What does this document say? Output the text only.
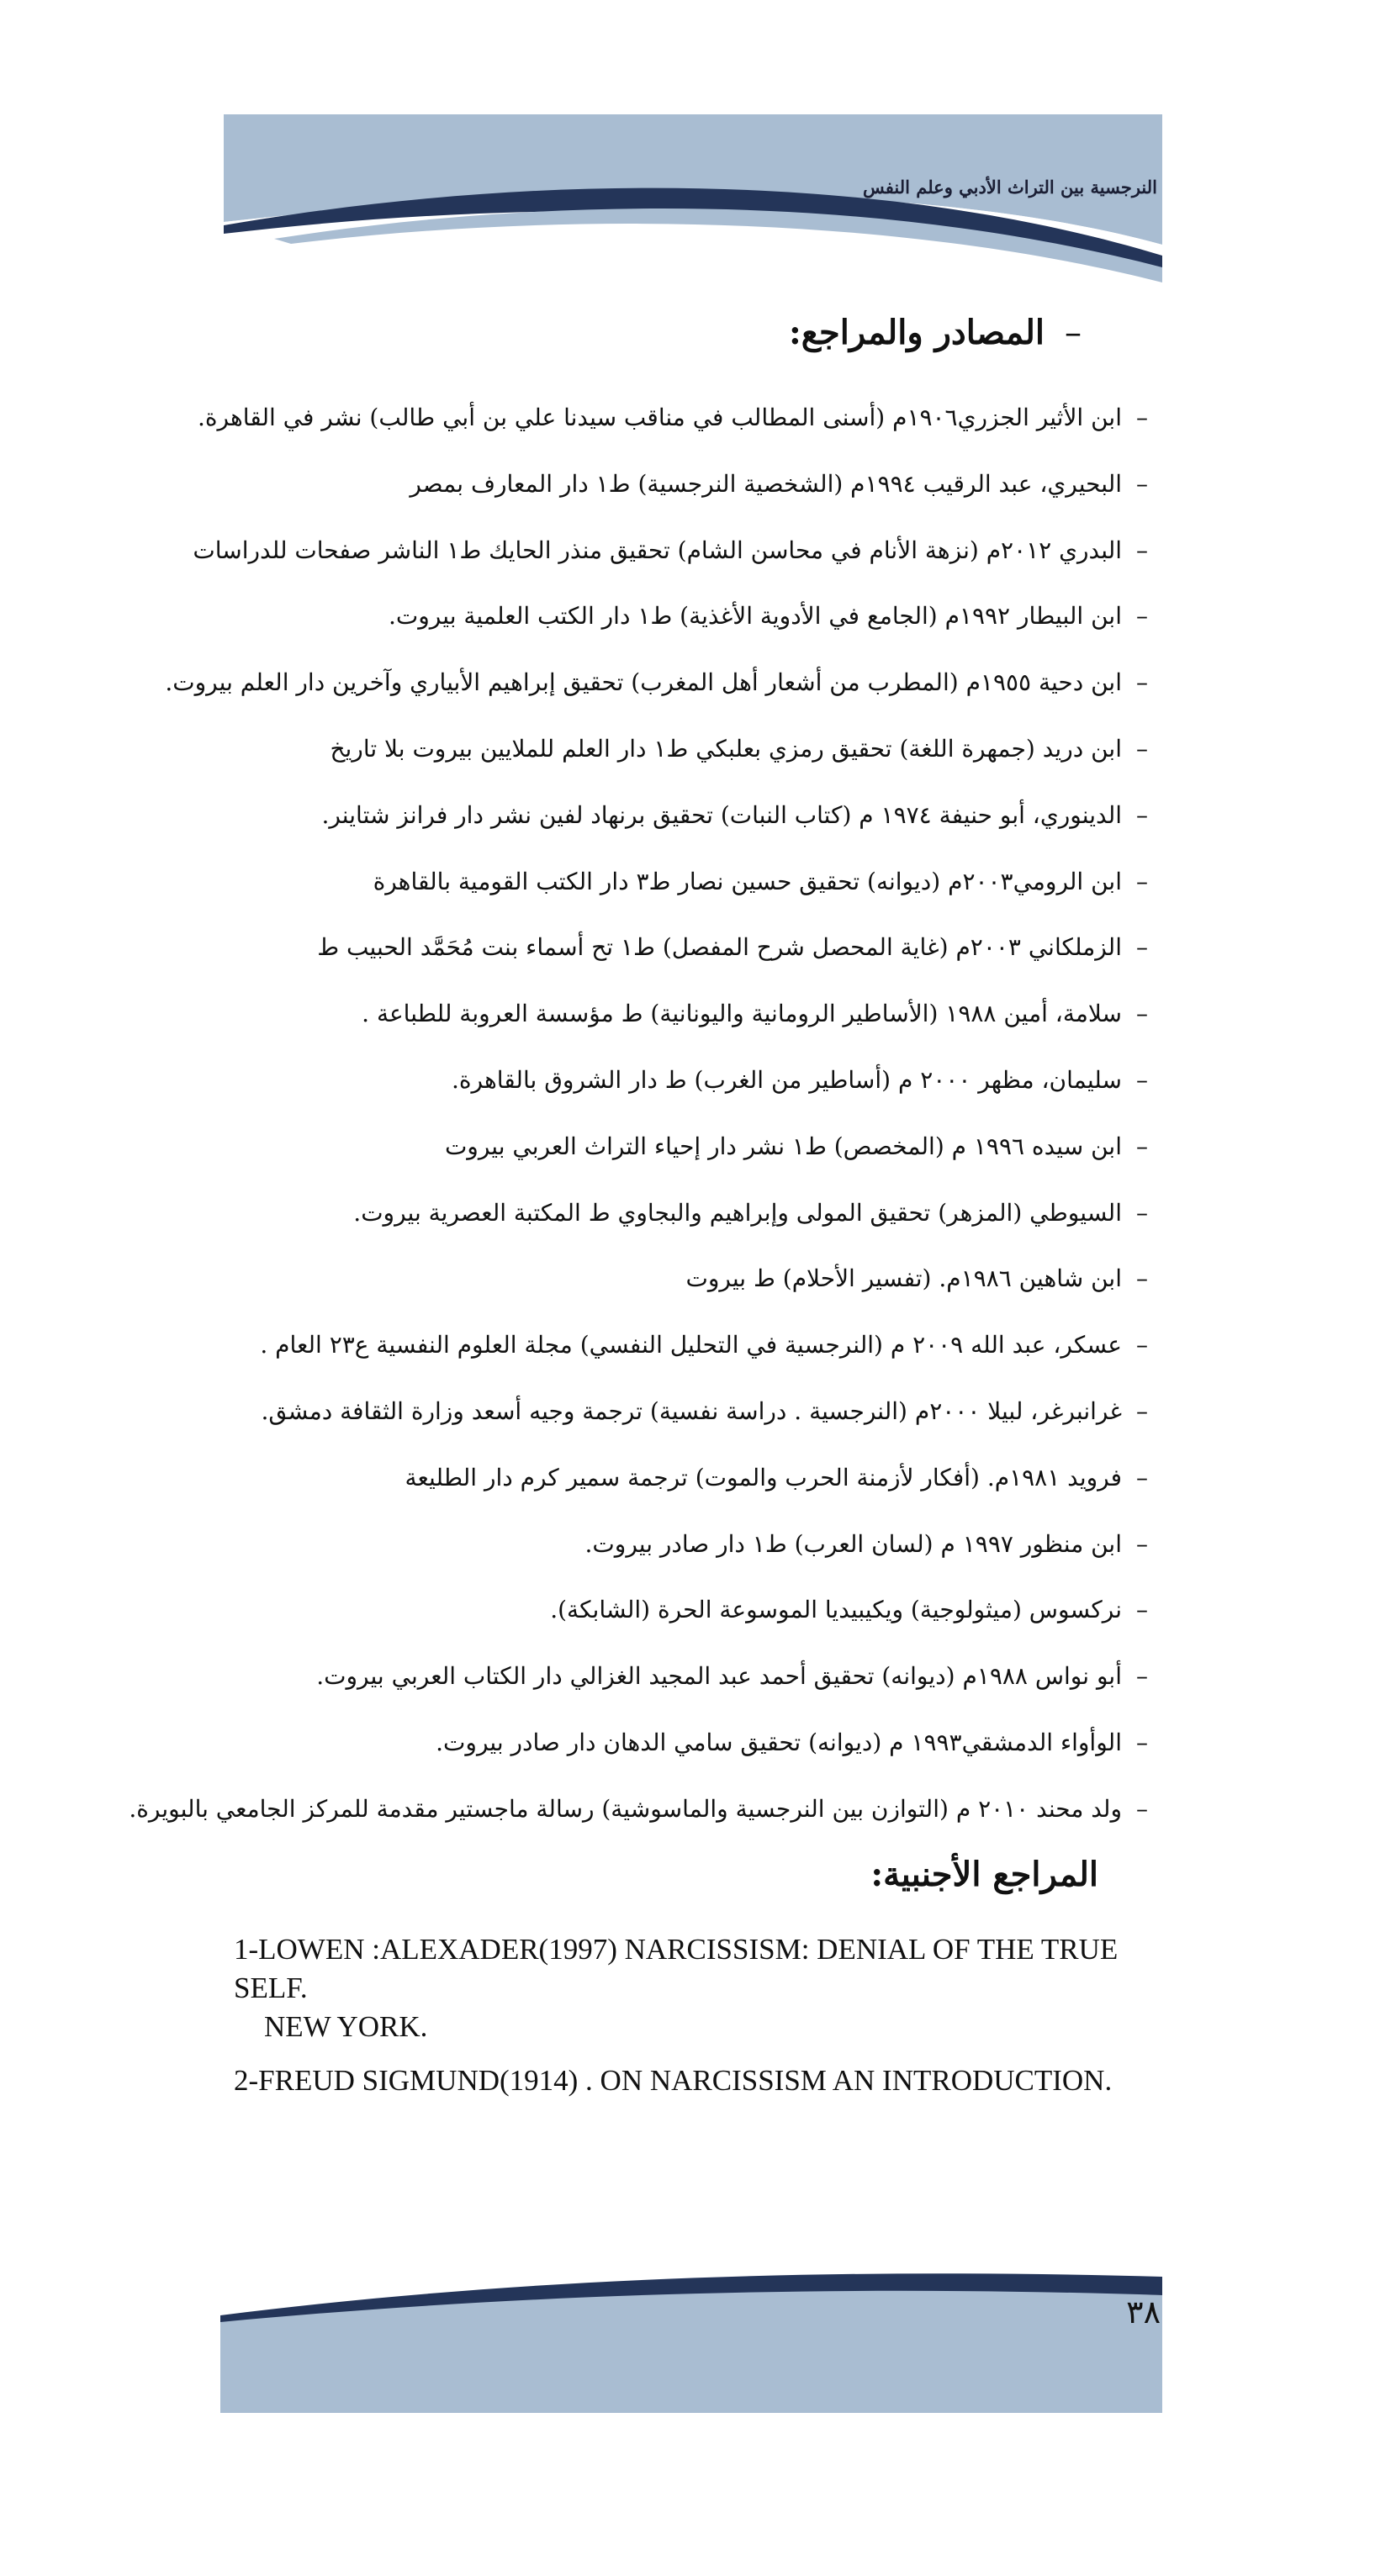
النرجسية بين التراث الأدبي وعلم النفس
–المصادر والمراجع:
–ابن الأثير الجزري١٩٠٦م (أسنى المطالب في مناقب سيدنا علي بن أبي طالب) نشر في القاهرة.
–البحيري، عبد الرقيب ١٩٩٤م (الشخصية النرجسية) ط١ دار المعارف بمصر
–البدري ٢٠١٢م (نزهة الأنام في محاسن الشام) تحقيق منذر الحايك ط١ الناشر صفحات للدراسات
–ابن البيطار ١٩٩٢م (الجامع في الأدوية الأغذية) ط١ دار الكتب العلمية بيروت.
–ابن دحية ١٩٥٥م (المطرب من أشعار أهل المغرب) تحقيق إبراهيم الأبياري وآخرين دار العلم بيروت.
–ابن دريد (جمهرة اللغة) تحقيق رمزي بعلبكي ط١ دار العلم للملايين بيروت بلا تاريخ
–الدينوري، أبو حنيفة ١٩٧٤ م (كتاب النبات) تحقيق برنهاد لفين نشر دار فرانز شتاينر.
–ابن الرومي٢٠٠٣م (ديوانه) تحقيق حسين نصار ط٣ دار الكتب القومية بالقاهرة
–الزملكاني ٢٠٠٣م (غاية المحصل شرح المفصل) ط١ تح أسماء بنت مُحَمَّد الحبيب ط
–سلامة، أمين ١٩٨٨ (الأساطير الرومانية واليونانية) ط مؤسسة العروبة للطباعة .
–سليمان، مظهر ٢٠٠٠ م (أساطير من الغرب) ط دار الشروق بالقاهرة.
–ابن سيده ١٩٩٦ م (المخصص) ط١ نشر دار إحياء التراث العربي بيروت
–السيوطي (المزهر) تحقيق المولى وإبراهيم والبجاوي ط المكتبة العصرية بيروت.
–ابن شاهين ١٩٨٦م. (تفسير الأحلام) ط بيروت
–عسكر، عبد الله ٢٠٠٩ م (النرجسية في التحليل النفسي) مجلة العلوم النفسية ع٢٣ العام .
–غرانبرغر، لبيلا ٢٠٠٠م (النرجسية . دراسة نفسية) ترجمة وجيه أسعد وزارة الثقافة دمشق.
–فرويد ١٩٨١م. (أفكار لأزمنة الحرب والموت) ترجمة سمير كرم دار الطليعة
–ابن منظور ١٩٩٧ م (لسان العرب) ط١ دار صادر بيروت.
–نركسوس (ميثولوجية) ويكيبيديا الموسوعة الحرة (الشابكة).
–أبو نواس ١٩٨٨م (ديوانه) تحقيق أحمد عبد المجيد الغزالي دار الكتاب العربي بيروت.
–الوأواء الدمشقي١٩٩٣ م (ديوانه) تحقيق سامي الدهان دار صادر بيروت.
–ولد محند ٢٠١٠ م (التوازن بين النرجسية والماسوشية) رسالة ماجستير مقدمة للمركز الجامعي بالبويرة.
المراجع الأجنبية:

1-LOWEN :ALEXADER(1997) NARCISSISM: DENIAL OF THE TRUE SELF.

NEW YORK.

2-FREUD SIGMUND(1914) . ON NARCISSISM AN INTRODUCTION.

٣٨
